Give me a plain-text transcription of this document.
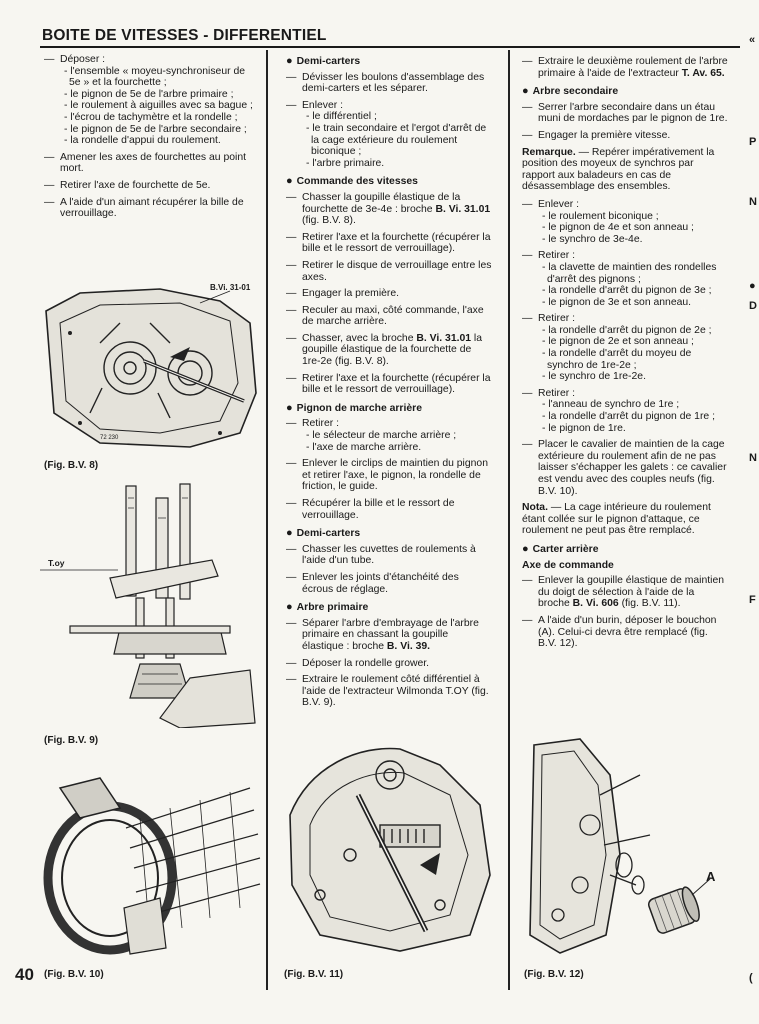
BOITE DE VITESSES - DIFFERENTIEL
— Déposer :
- l'ensemble « moyeu-synchroniseur de 5e » et la fourchette ;
- le pignon de 5e de l'arbre primaire ;
- le roulement à aiguilles avec sa bague ;
- l'écrou de tachymètre et la rondelle ;
- le pignon de 5e de l'arbre secondaire ;
- la rondelle d'appui du roulement.
— Amener les axes de fourchettes au point mort.
— Retirer l'axe de fourchette de 5e.
— A l'aide d'un aimant récupérer la bille de verrouillage.
B.Vi. 31-01
72 230
(Fig. B.V. 8)
T.oy
(Fig. B.V. 9)
40 (Fig. B.V. 10)
● Demi-carters
— Dévisser les boulons d'assemblage des demi-carters et les séparer.
— Enlever :
- le différentiel ;
- le train secondaire et l'ergot d'arrêt de la cage extérieure du roulement biconique ;
- l'arbre primaire.
● Commande des vitesses
— Chasser la goupille élastique de la fourchette de 3e-4e : broche B. Vi. 31.01 (fig. B.V. 8).
— Retirer l'axe et la fourchette (récupérer la bille et le ressort de verrouillage).
— Retirer le disque de verrouillage entre les axes.
— Engager la première.
— Reculer au maxi, côté commande, l'axe de marche arrière.
— Chasser, avec la broche B. Vi. 31.01 la goupille élastique de la fourchette de 1re-2e (fig. B.V. 8).
— Retirer l'axe et la fourchette (récupérer la bille et le ressort de verrouillage).
● Pignon de marche arrière
— Retirer :
- le sélecteur de marche arrière ;
- l'axe de marche arrière.
— Enlever le circlips de maintien du pignon et retirer l'axe, le pignon, la rondelle de friction, le guide.
— Récupérer la bille et le ressort de verrouillage.
● Demi-carters
— Chasser les cuvettes de roulements à l'aide d'un tube.
— Enlever les joints d'étanchéité des écrous de réglage.
● Arbre primaire
— Séparer l'arbre d'embrayage de l'arbre primaire en chassant la goupille élastique : broche B. Vi. 39.
— Déposer la rondelle grower.
— Extraire le roulement côté différentiel à l'aide de l'extracteur Wilmonda T.OY (fig. B.V. 9).
(Fig. B.V. 11)
— Extraire le deuxième roulement de l'arbre primaire à l'aide de l'extracteur T. Av. 65.
● Arbre secondaire
— Serrer l'arbre secondaire dans un étau muni de mordaches par le pignon de 1re.
— Engager la première vitesse.
Remarque. — Repérer impérativement la position des moyeux de synchros par rapport aux baladeurs en cas de désassemblage des ensembles.
— Enlever :
- le roulement biconique ;
- le pignon de 4e et son anneau ;
- le synchro de 3e-4e.
— Retirer :
- la clavette de maintien des rondelles d'arrêt des pignons ;
- la rondelle d'arrêt du pignon de 3e ;
- le pignon de 3e et son anneau.
— Retirer :
- la rondelle d'arrêt du pignon de 2e ;
- le pignon de 2e et son anneau ;
- la rondelle d'arrêt du moyeu de synchro de 1re-2e ;
- le synchro de 1re-2e.
— Retirer :
- l'anneau de synchro de 1re ;
- la rondelle d'arrêt du pignon de 1re ;
- le pignon de 1re.
— Placer le cavalier de maintien de la cage extérieure du roulement afin de ne pas laisser s'échapper les galets : ce cavalier est vendu avec des couples neufs (fig. B.V. 10).
Nota. — La cage intérieure du roulement étant collée sur le pignon d'attaque, ce roulement ne peut pas être remplacé.
● Carter arrière
Axe de commande
— Enlever la goupille élastique de maintien du doigt de sélection à l'aide de la broche B. Vi. 606 (fig. B.V. 11).
— A l'aide d'un burin, déposer le bouchon (A). Celui-ci devra être remplacé (fig. B.V. 12).
A
(Fig. B.V. 12)
«
P
N
●
D
N
F
(
